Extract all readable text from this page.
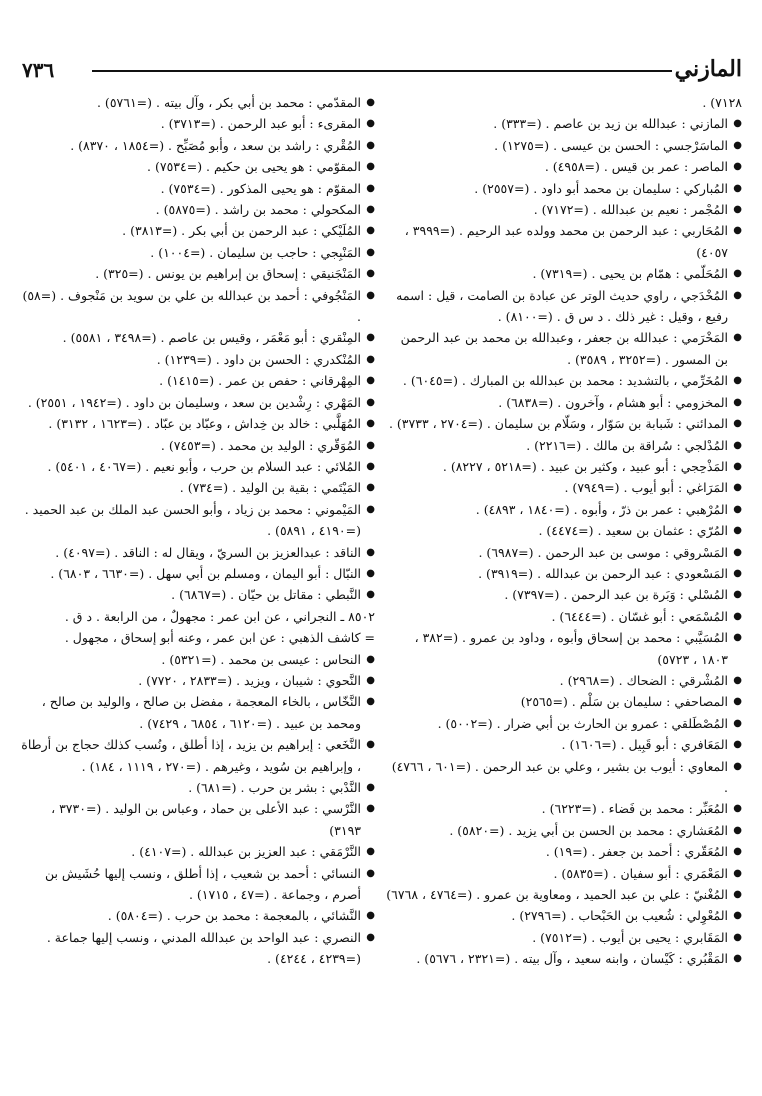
المازني
٧٣٦
٧١٢٨) .
● المازني : عبدالله بن زيد بن عاصم . (=٣٣٣) .
● الماسَرْجسي : الحسن بن عيسى . (=١٢٧٥) .
● الماصر : عمر بن قيس . (=٤٩٥٨) .
● المُباركي : سليمان بن محمد أبو داود . (=٢٥٥٧) .
● المُجْمر : نعيم بن عبدالله . (=٧١٧٢) .
● المُحَاربي : عبد الرحمن بن محمد وولده عبد الرحيم . (=٣٩٩٩ ، ٤٠٥٧)
● المُحَلّمي : همّام بن يحيى . (=٧٣١٩) .
● المُخْدَجي ، راوي حديث الوتر عن عبادة بن الصامت ، قيل : اسمه رفيع ، وقيل : غير ذلك . د س ق . (=٨١٠٠) .
● المَخْرَمي : عبدالله بن جعفر ، وعبدالله بن محمد بن عبد الرحمن بن المسور . (=٣٢٥٢ ، ٣٥٨٩) .
● المُخَرِّمي ، بالتشديد : محمد بن عبدالله بن المبارك . (=٦٠٤٥) .
● المخزومي : أبو هشام ، وآخرون . (=٦٨٣٨) .
● المدائني : شَبابة بن سَوّار ، وسَلّام بن سليمان . (=٢٧٠٤ ، ٣٧٣٣) .
● المُدْلجي : سُراقة بن مالك . (=٢٢١٦) .
● المَذْحِجي : أبو عبيد ، وكثير بن عبيد . (=٥٢١٨ ، ٨٢٢٧) .
● المَرَاغي : أبو أيوب . (=٧٩٤٩) .
● المُرْهبي : عمر بن ذرّ ، وأبوه . (=١٨٤٠ ، ٤٨٩٣) .
● المُرّي : عثمان بن سعيد . (=٤٤٧٤) .
● المَسْروقي : موسى بن عبد الرحمن . (=٦٩٨٧) .
● المَسْعودي : عبد الرحمن بن عبدالله . (=٣٩١٩) .
● المُسْلي : وَبَرة بن عبد الرحمن . (=٧٣٩٧) .
● المُسْمَعي : أبو غسّان . (=٦٤٤٤) .
● المُسَيَّبي : محمد بن إسحاق وأبوه ، وداود بن عمرو . (=٣٨٢ ، ١٨٠٣ ، ٥٧٢٣)
● المُشْرقي : الضحاك . (=٢٩٦٨) .
● المصاحفي : سليمان بن سَلْم . (=٢٥٦٥)
● المُصْطَلقي : عمرو بن الحارث بن أبي ضرار . (=٥٠٠٢) .
● المَعَافري : أبو قَبِيل . (=١٦٠٦) .
● المعاوي : أيوب بن بشير ، وعلي بن عبد الرحمن . (=٦٠١ ، ٤٧٦٦) .
● المُعَبِّر : محمد بن فَضاء . (=٦٢٢٣) .
● المُعَشاري : محمد بن الحسن بن أبي يزيد . (=٥٨٢٠) .
● المُعَقّري : أحمد بن جعفر . (=١٩) .
● المَعْمَري : أبو سفيان . (=٥٨٣٥) .
● المُغْنيّ : علي بن عبد الحميد ، ومعاوية بن عمرو . (=٤٧٦٤ ، ٦٧٦٨)
● المُعْوِلي : شُعيب بن الحَبْحاب . (=٢٧٩٦) .
● المَقَابري : يحيى بن أيوب . (=٧٥١٢) .
● المَقْبُري : كَيْسان ، وابنه سعيد ، وآل بيته . (=٢٣٢١ ، ٥٦٧٦) .
● المقدّمي : محمد بن أبي بكر ، وآل بيته . (=٥٧٦١) .
● المقرىء : أبو عبد الرحمن . (=٣٧١٣) .
● المُقْري : راشد بن سعد ، وأبو مُصَبِّح . (=١٨٥٤ ، ٨٣٧٠) .
● المقوّمي : هو يحيى بن حكيم . (=٧٥٣٤) .
● المقوّم : هو يحيى المذكور . (=٧٥٣٤) .
● المكحولي : محمد بن راشد . (=٥٨٧٥) .
● المُلَيْكي : عبد الرحمن بن أبي بكر . (=٣٨١٣) .
● المَنْبِجي : حاجب بن سليمان . (=١٠٠٤) .
● المَنْجَنيقي : إسحاق بن إبراهيم بن يونس . (=٣٢٥) .
● المَنْجُوفي : أحمد بن عبدالله بن علي بن سويد بن مَنْجوف . (=٥٨) .
● المِنْقري : أبو مَعْمَر ، وقيس بن عاصم . (=٣٤٩٨ ، ٥٥٨١) .
● المُنْكدري : الحسن بن داود . (=١٢٣٩) .
● المِهْرقاني : حفص بن عمر . (=١٤١٥) .
● المَهْري : رِشْدين بن سعد ، وسليمان بن داود . (=١٩٤٢ ، ٢٥٥١) .
● المُهَلَّبي : خالد بن خِداش ، وعبّاد بن عبّاد . (=١٦٢٣ ، ٣١٣٢) .
● المُوَقّري : الوليد بن محمد . (=٧٤٥٣) .
● المُلائي : عبد السلام بن حرب ، وأبو نعيم . (=٤٠٦٧ ، ٥٤٠١) .
● المَيْتَمي : بقية بن الوليد . (=٧٣٤) .
● المَيْموني : محمد بن زياد ، وأبو الحسن عبد الملك بن عبد الحميد . (=٤١٩٠ ، ٥٨٩١) .
● الناقد : عبدالعزيز بن السريّ ، ويقال له : الناقد . (=٤٠٩٧) .
● النبّال : أبو اليمان ، ومسلم بن أبي سهل . (=٦٦٣٠ ، ٦٨٠٣) .
● النَّبطي : مقاتل بن حيّان . (=٦٨٦٧) .
٨٥٠٢ ـ النجراني ، عن ابن عمر : مجهولٌ ، من الرابعة . د ق .
= كاشف الذهبي : عن ابن عمر ، وعنه أبو إسحاق ، مجهول .
● النحاس : عيسى بن محمد . (=٥٣٢١) .
● النَّحوي : شيبان ، ويزيد . (=٢٨٣٣ ، ٧٧٢٠) .
● النَّخّاس ، بالخاء المعجمة ، مفضل بن صالح ، والوليد بن صالح ، ومحمد بن عبيد . (=٦١٢٠ ، ٦٨٥٤ ، ٧٤٢٩) .
● النَّخَعي : إبراهيم بن يزيد ، إذا أطلق ، ونُسب كذلك حجاج بن أرطاة ، وإبراهيم بن سُويد ، وغيرهم . (=٢٧٠ ، ١١١٩ ، ١٨٤) .
● النَّدْبي : بشر بن حرب . (=٦٨١) .
● النَّرْسي : عبد الأعلى بن حماد ، وعباس بن الوليد . (=٣٧٣٠ ، ٣١٩٣)
● النَّرْمَقي : عبد العزيز بن عبدالله . (=٤١٠٧) .
● النسائي : أحمد بن شعيب ، إذا أطلق ، ونسب إليها حُشَيش بن أصرم ، وجماعة . (=٤٧ ، ١٧١٥) .
● النَّشائي ، بالمعجمة : محمد بن حرب . (=٥٨٠٤) .
● النصري : عبد الواحد بن عبدالله المدني ، ونسب إليها جماعة . (=٤٢٣٩ ، ٤٢٤٤) .
